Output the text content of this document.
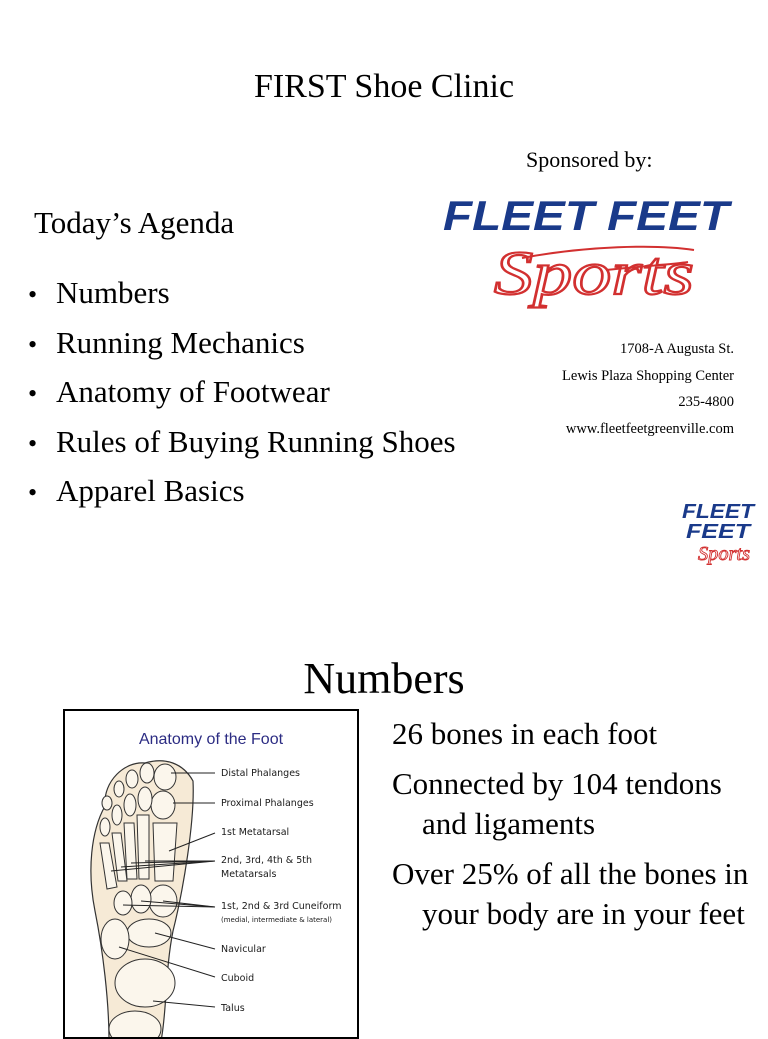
FIRST Shoe Clinic
Sponsored by:
Today’s Agenda
• Numbers
• Running Mechanics
• Anatomy of Footwear
• Rules of Buying Running Shoes
• Apparel Basics
FLEET FEET
Sports
1708-A Augusta St.
Lewis Plaza Shopping Center
235-4800
www.fleetfeetgreenville.com
FLEET
FEET
Sports
Numbers
Distal Phalanges
Proximal Phalanges
1st Metatarsal
2nd, 3rd, 4th & 5th
Metatarsals
1st, 2nd & 3rd Cuneiform
(medial, intermediate & lateral)
Navicular
Cuboid
Talus
Anatomy of the Foot	26 bones in each foot
Connected by 104 tendons and ligaments
Over 25% of all the bones in your body are in your feet
